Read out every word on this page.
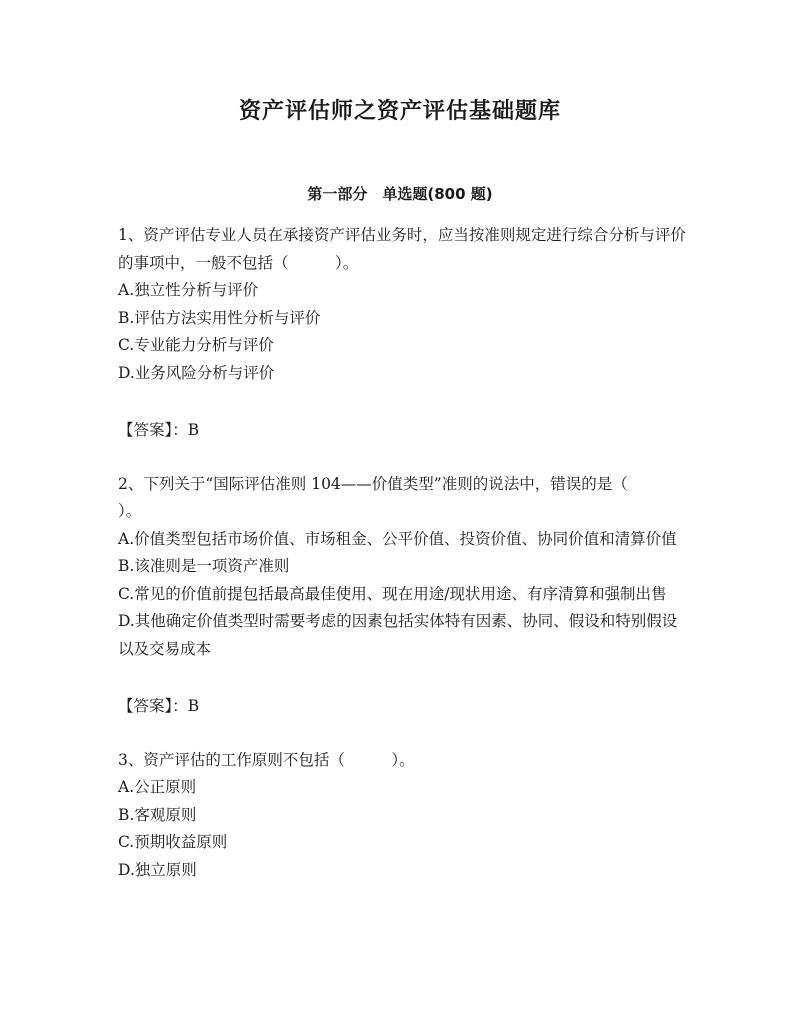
资产评估师之资产评估基础题库
第一部分　单选题(800 题)
1、资产评估专业人员在承接资产评估业务时，应当按准则规定进行综合分析与评价的事项中，一般不包括（　　　）。
A.独立性分析与评价
B.评估方法实用性分析与评价
C.专业能力分析与评价
D.业务风险分析与评价
【答案】：B
2、下列关于“国际评估准则 104——价值类型”准则的说法中，错误的是（　　　）。
A.价值类型包括市场价值、市场租金、公平价值、投资价值、协同价值和清算价值
B.该准则是一项资产准则
C.常见的价值前提包括最高最佳使用、现在用途/现状用途、有序清算和强制出售
D.其他确定价值类型时需要考虑的因素包括实体特有因素、协同、假设和特别假设以及交易成本
【答案】：B
3、资产评估的工作原则不包括（　　　）。
A.公正原则
B.客观原则
C.预期收益原则
D.独立原则
